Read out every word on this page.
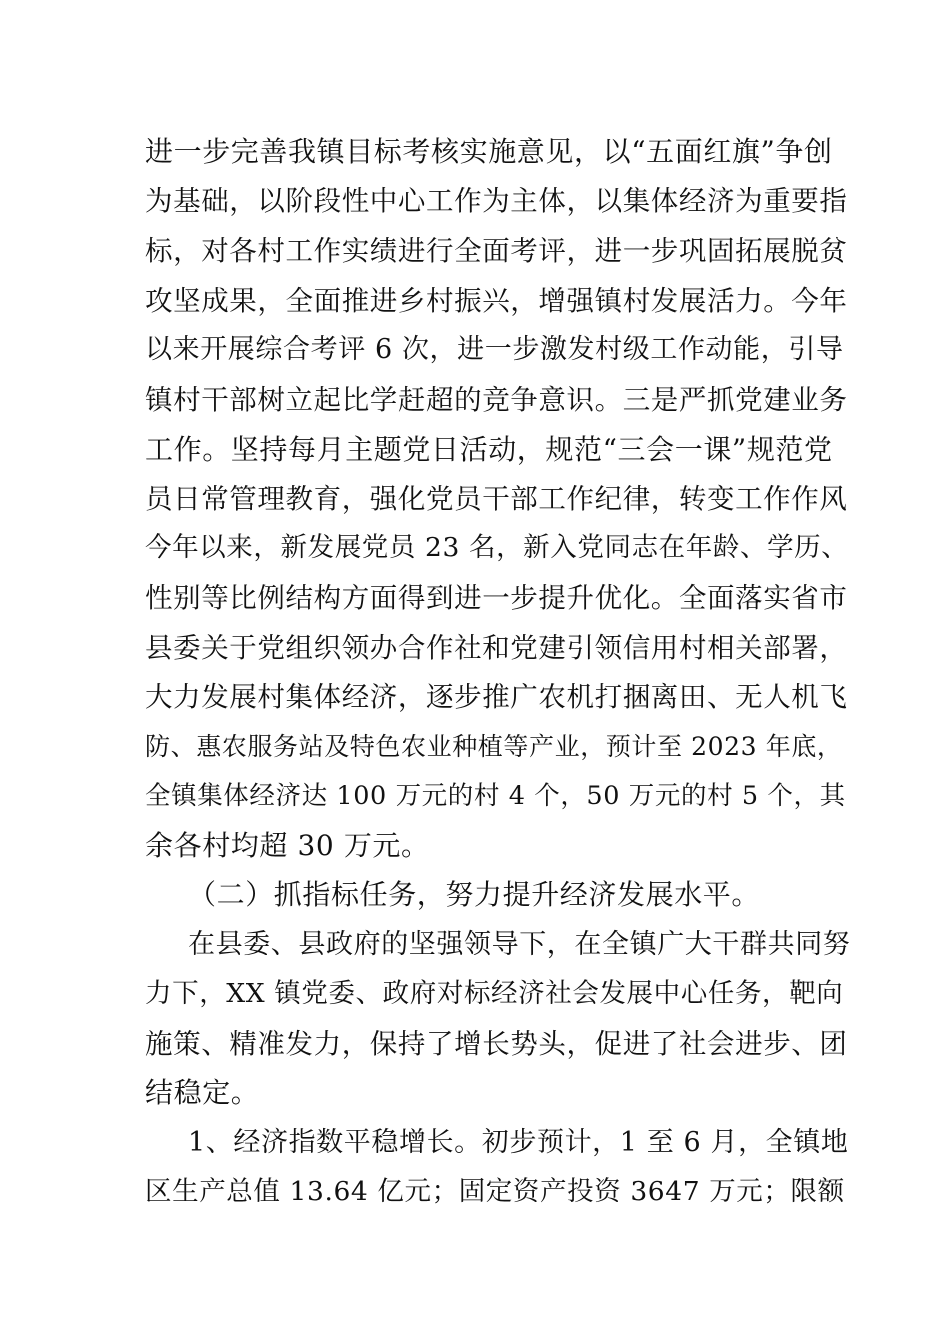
进一步完善我镇目标考核实施意见，以“五面红旗”争创
为基础，以阶段性中心工作为主体，以集体经济为重要指
标，对各村工作实绩进行全面考评，进一步巩固拓展脱贫
攻坚成果，全面推进乡村振兴，增强镇村发展活力。今年
以来开展综合考评 6 次，进一步激发村级工作动能，引导
镇村干部树立起比学赶超的竞争意识。三是严抓党建业务
工作。坚持每月主题党日活动，规范“三会一课”规范党
员日常管理教育，强化党员干部工作纪律，转变工作作风
今年以来，新发展党员 23 名，新入党同志在年龄、学历、
性别等比例结构方面得到进一步提升优化。全面落实省市
县委关于党组织领办合作社和党建引领信用村相关部署，
大力发展村集体经济，逐步推广农机打捆离田、无人机飞
防、惠农服务站及特色农业种植等产业，预计至 2023 年底，
全镇集体经济达 100 万元的村 4 个，50 万元的村 5 个，其
余各村均超 30 万元。
（二）抓指标任务，努力提升经济发展水平。
在县委、县政府的坚强领导下，在全镇广大干群共同努
力下，XX 镇党委、政府对标经济社会发展中心任务，靶向
施策、精准发力，保持了增长势头，促进了社会进步、团
结稳定。
1、经济指数平稳增长。初步预计，1 至 6 月，全镇地
区生产总值 13.64 亿元；固定资产投资 3647 万元；限额
